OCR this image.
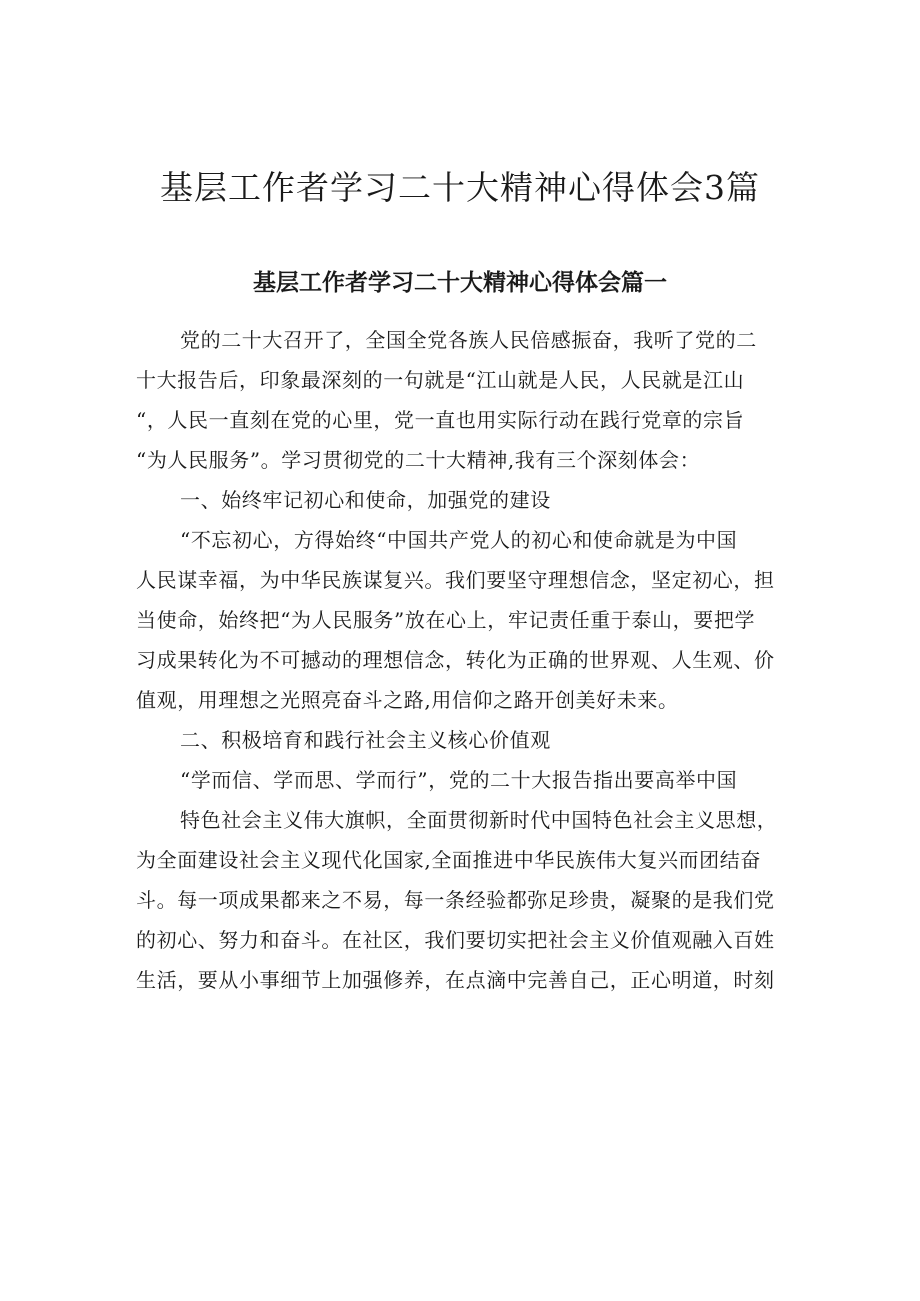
基层工作者学习二十大精神心得体会3篇
基层工作者学习二十大精神心得体会篇一
党的二十大召开了，全国全党各族人民倍感振奋，我听了党的二
十大报告后，印象最深刻的一句就是“江山就是人民，人民就是江山
“，人民一直刻在党的心里，党一直也用实际行动在践行党章的宗旨
“为人民服务”。学习贯彻党的二十大精神,我有三个深刻体会：
一、始终牢记初心和使命，加强党的建设
“不忘初心，方得始终“中国共产党人的初心和使命就是为中国
人民谋幸福，为中华民族谋复兴。我们要坚守理想信念，坚定初心，担
当使命，始终把“为人民服务”放在心上，牢记责任重于泰山，要把学
习成果转化为不可撼动的理想信念，转化为正确的世界观、人生观、价
值观，用理想之光照亮奋斗之路,用信仰之路开创美好未来。
二、积极培育和践行社会主义核心价值观
“学而信、学而思、学而行”，党的二十大报告指出要高举中国
特色社会主义伟大旗帜，全面贯彻新时代中国特色社会主义思想，
为全面建设社会主义现代化国家,全面推进中华民族伟大复兴而团结奋
斗。每一项成果都来之不易，每一条经验都弥足珍贵，凝聚的是我们党
的初心、努力和奋斗。在社区，我们要切实把社会主义价值观融入百姓
生活，要从小事细节上加强修养，在点滴中完善自己，正心明道，时刻
